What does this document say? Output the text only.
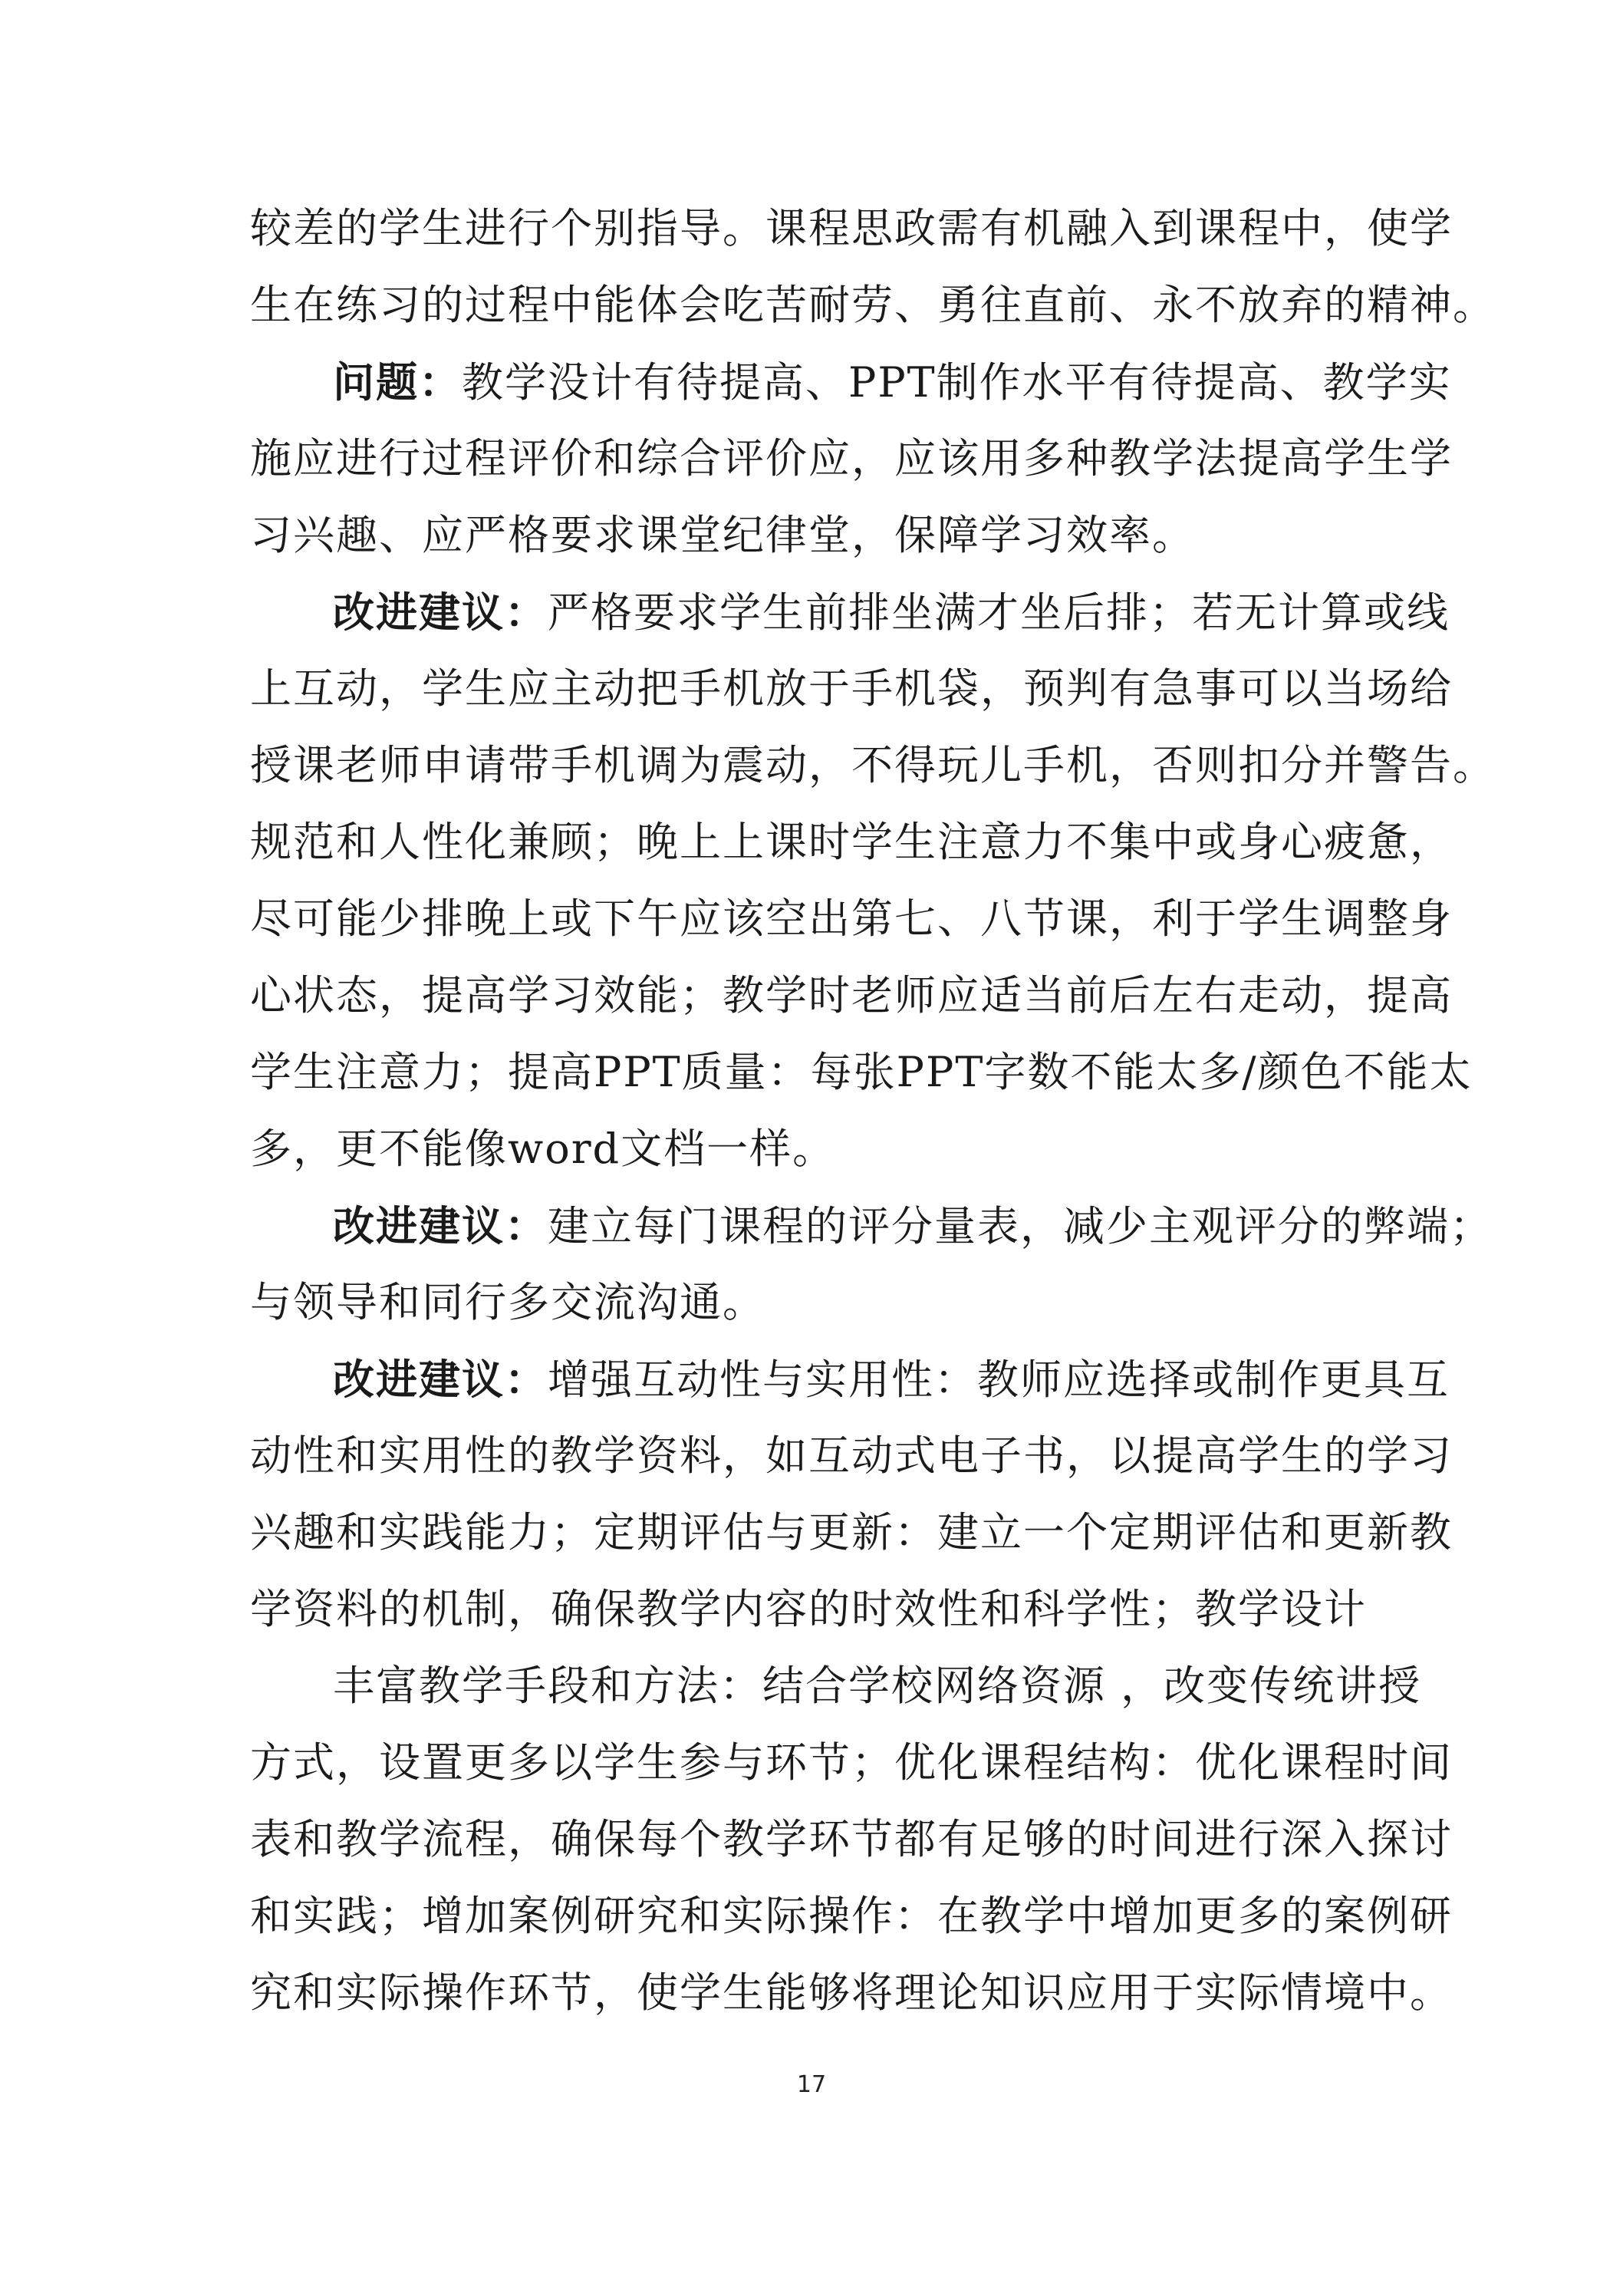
较差的学生进行个别指导。课程思政需有机融入到课程中，使学
生在练习的过程中能体会吃苦耐劳、勇往直前、永不放弃的精神。
问题：教学没计有待提高、PPT制作水平有待提高、教学实
施应进行过程评价和综合评价应，应该用多种教学法提高学生学
习兴趣、应严格要求课堂纪律堂，保障学习效率。
改进建议：严格要求学生前排坐满才坐后排；若无计算或线
上互动，学生应主动把手机放于手机袋，预判有急事可以当场给
授课老师申请带手机调为震动，不得玩儿手机，否则扣分并警告。
规范和人性化兼顾；晚上上课时学生注意力不集中或身心疲惫，
尽可能少排晚上或下午应该空出第七、八节课，利于学生调整身
心状态，提高学习效能；教学时老师应适当前后左右走动，提高
学生注意力；提高PPT质量：每张PPT字数不能太多/颜色不能太
多，更不能像word文档一样。
改进建议：建立每门课程的评分量表，减少主观评分的弊端；
与领导和同行多交流沟通。
改进建议：增强互动性与实用性：教师应选择或制作更具互
动性和实用性的教学资料，如互动式电子书，以提高学生的学习
兴趣和实践能力；定期评估与更新：建立一个定期评估和更新教
学资料的机制，确保教学内容的时效性和科学性；教学设计
丰富教学手段和方法：结合学校网络资源 ，改变传统讲授
方式，设置更多以学生参与环节；优化课程结构：优化课程时间
表和教学流程，确保每个教学环节都有足够的时间进行深入探讨
和实践；增加案例研究和实际操作：在教学中增加更多的案例研
究和实际操作环节，使学生能够将理论知识应用于实际情境中。
17
